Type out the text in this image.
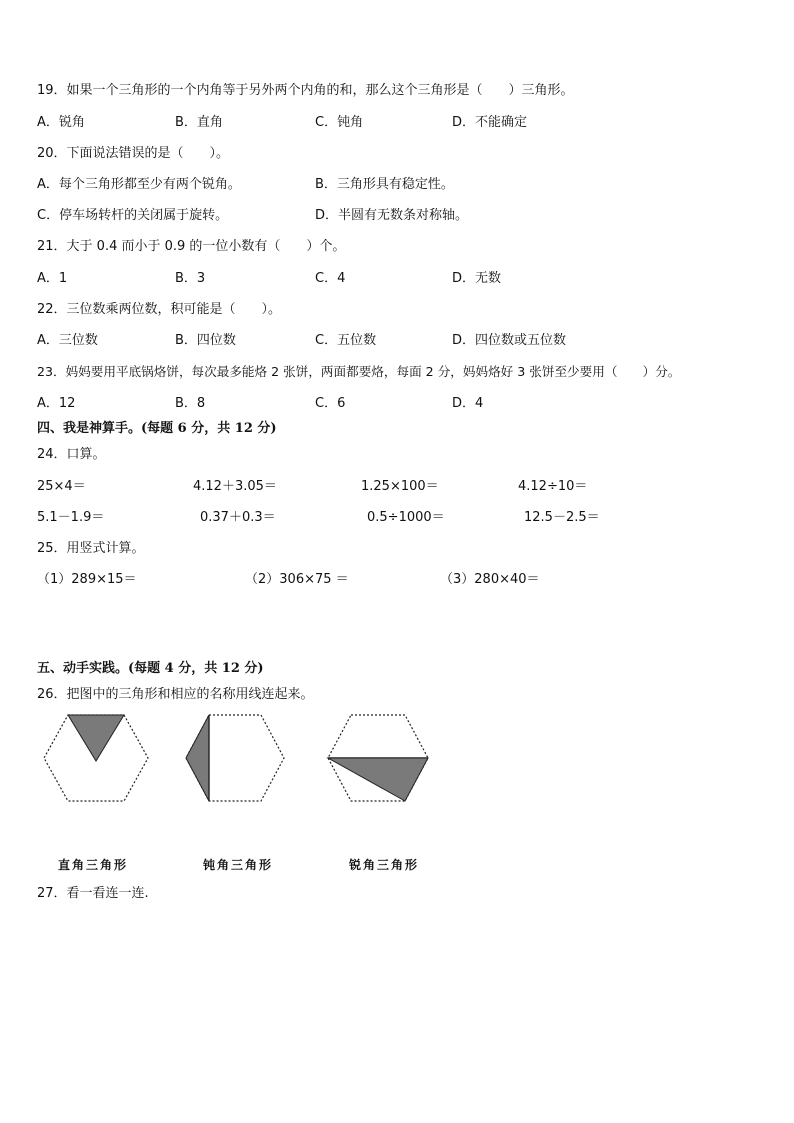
19．如果一个三角形的一个内角等于另外两个内角的和，那么这个三角形是（　　）三角形。
A．锐角	B．直角	C．钝角	D．不能确定
20．下面说法错误的是（　　）。
A．每个三角形都至少有两个锐角。	B．三角形具有稳定性。
C．停车场转杆的关闭属于旋转。	D．半圆有无数条对称轴。
21．大于 0.4 而小于 0.9 的一位小数有（　　）个。
A．1	B．3	C．4	D．无数
22．三位数乘两位数，积可能是（　　）。
A．三位数	B．四位数	C．五位数	D．四位数或五位数
23．妈妈要用平底锅烙饼，每次最多能烙 2 张饼，两面都要烙，每面 2 分，妈妈烙好 3 张饼至少要用（　　）分。
A．12	B．8	C．6	D．4
四、我是神算手。(每题 6 分，共 12 分)
24．口算。
25×4＝	4.12＋3.05＝	1.25×100＝	4.12÷10＝
5.1－1.9＝	0.37＋0.3＝	0.5÷1000＝	12.5－2.5＝
25．用竖式计算。
（1）289×15＝	（2）306×75 ＝	（3）280×40＝
五、动手实践。(每题 4 分，共 12 分)
26．把图中的三角形和相应的名称用线连起来。
直角三角形	钝角三角形	锐角三角形
27．看一看连一连.
